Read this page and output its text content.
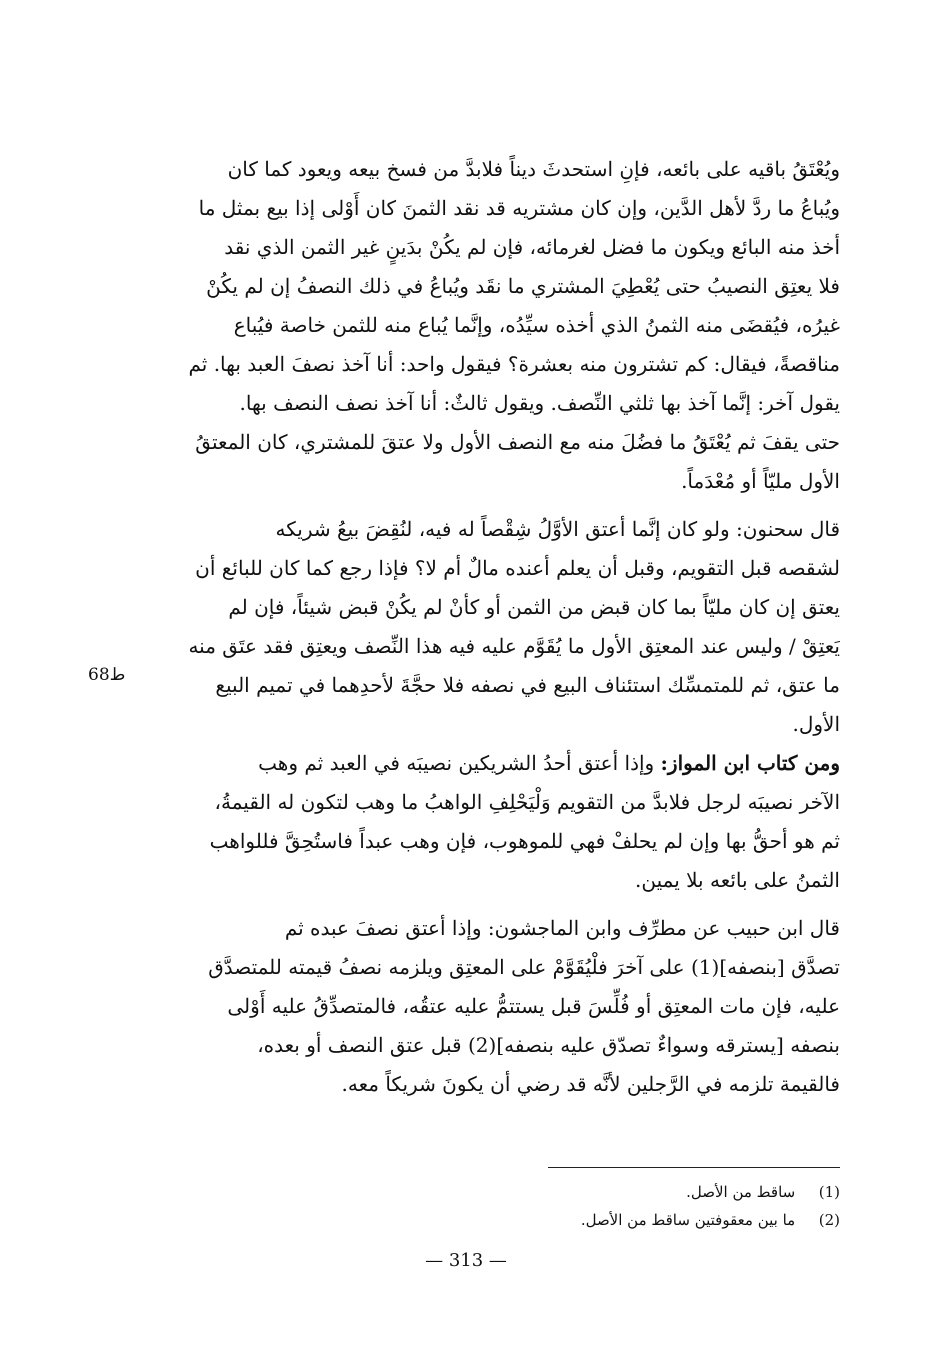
ويُعْتَقُ باقيه على بائعه، فإنِ استحدثَ ديناً فلابدَّ من فسخ بيعه ويعود كما كان
ويُباعُ ما ردَّ لأهل الدَّين، وإن كان مشتريه قد نقد الثمنَ كان أَوْلى إذا بيع بمثل ما
أخذ منه البائع ويكون ما فضل لغرمائه، فإن لم يكُنْ بدَينٍ غير الثمن الذي نقد
فلا يعتِق النصيبُ حتى يُعْطِيَ المشتري ما نقَد ويُباعُ في ذلك النصفُ إن لم يكُنْ
غيرُه، فيُقضَى منه الثمنُ الذي أخذه سيِّدُه، وإنَّما يُباع منه للثمن خاصة فيُباع
مناقصةً، فيقال: كم تشترون منه بعشرة؟ فيقول واحد: أنا آخذ نصفَ العبد بها. ثم
يقول آخر: إنَّما آخذ بها ثلثي النِّصف. ويقول ثالثٌ: أنا آخذ نصف النصف بها.
حتى يقفَ ثم يُعْتَقُ ما فضُلَ منه مع النصف الأول ولا عتقَ للمشتري، كان المعتقُ
الأول مليّاً أو مُعْدَماً.
قال سحنون: ولو كان إنَّما أعتق الأوَّلُ شِقْصاً له فيه، لنُقِضَ بيعُ شريكه
لشقصه قبل التقويم، وقبل أن يعلم أعنده مالٌ أم لا؟ فإذا رجع كما كان للبائع أن
يعتق إن كان مليّاً بما كان قبض من الثمن أو كأنْ لم يكُنْ قبض شيئاً، فإن لم
يَعتِقْ / وليس عند المعتِق الأول ما يُقَوَّم عليه فيه هذا النِّصف ويعتِق فقد عتَق منه
ما عتق، ثم للمتمسِّك استئناف البيع في نصفه فلا حجَّةَ لأحدِهما في تميم البيع
الأول.
ومن كتاب ابن المواز: وإذا أعتق أحدُ الشريكين نصيبَه في العبد ثم وهب
الآخر نصيبَه لرجل فلابدَّ من التقويم وَلْيَحْلِفِ الواهبُ ما وهب لتكون له القيمةُ،
ثم هو أحقُّ بها وإن لم يحلفْ فهي للموهوب، فإن وهب عبداً فاستُحِقَّ فللواهب
الثمنُ على بائعه بلا يمين.
قال ابن حبيب عن مطرِّف وابن الماجشون: وإذا أعتق نصفَ عبده ثم
تصدَّق [بنصفه](1) على آخرَ فلْيُقَوَّمْ على المعتِق ويلزمه نصفُ قيمته للمتصدَّق
عليه، فإن مات المعتِق أو فُلِّسَ قبل يستتمُّ عليه عتقُه، فالمتصدِّقُ عليه أَوْلى
بنصفه [يسترقه وسواءٌ تصدّق عليه بنصفه](2) قبل عتق النصف أو بعده،
فالقيمة تلزمه في الرَّجلين لأنَّه قد رضي أن يكونَ شريكاً معه.
ط68
(1) ساقط من الأصل.
(2) ما بين معقوفتين ساقط من الأصل.
— 313 —
